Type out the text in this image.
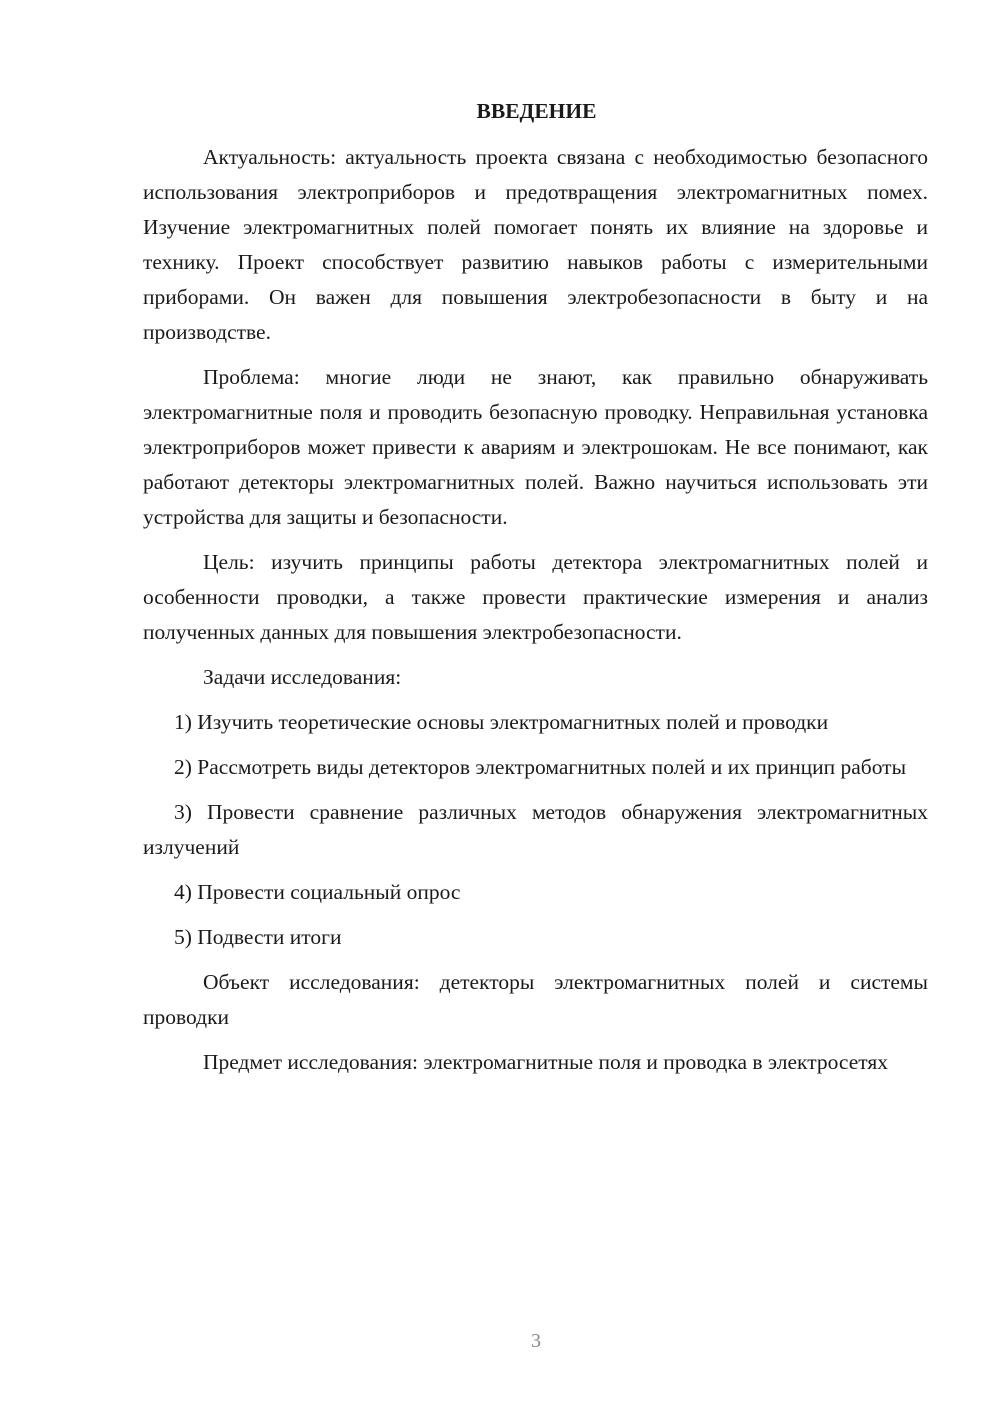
ВВЕДЕНИЕ

Актуальность: актуальность проекта связана с необходимостью безопасного использования электроприборов и предотвращения электромагнитных помех. Изучение электромагнитных полей помогает понять их влияние на здоровье и технику. Проект способствует развитию навыков работы с измерительными приборами. Он важен для повышения электробезопасности в быту и на производстве.

Проблема: многие люди не знают, как правильно обнаруживать электромагнитные поля и проводить безопасную проводку. Неправильная установка электроприборов может привести к авариям и электрошокам. Не все понимают, как работают детекторы электромагнитных полей. Важно научиться использовать эти устройства для защиты и безопасности.

Цель: изучить принципы работы детектора электромагнитных полей и особенности проводки, а также провести практические измерения и анализ полученных данных для повышения электробезопасности.

Задачи исследования:

1) Изучить теоретические основы электромагнитных полей и проводки

2) Рассмотреть виды детекторов электромагнитных полей и их принцип работы

3) Провести сравнение различных методов обнаружения электромагнитных излучений

4) Провести социальный опрос

5) Подвести итоги

Объект исследования: детекторы электромагнитных полей и системы проводки

Предмет исследования: электромагнитные поля и проводка в электросетях

3
